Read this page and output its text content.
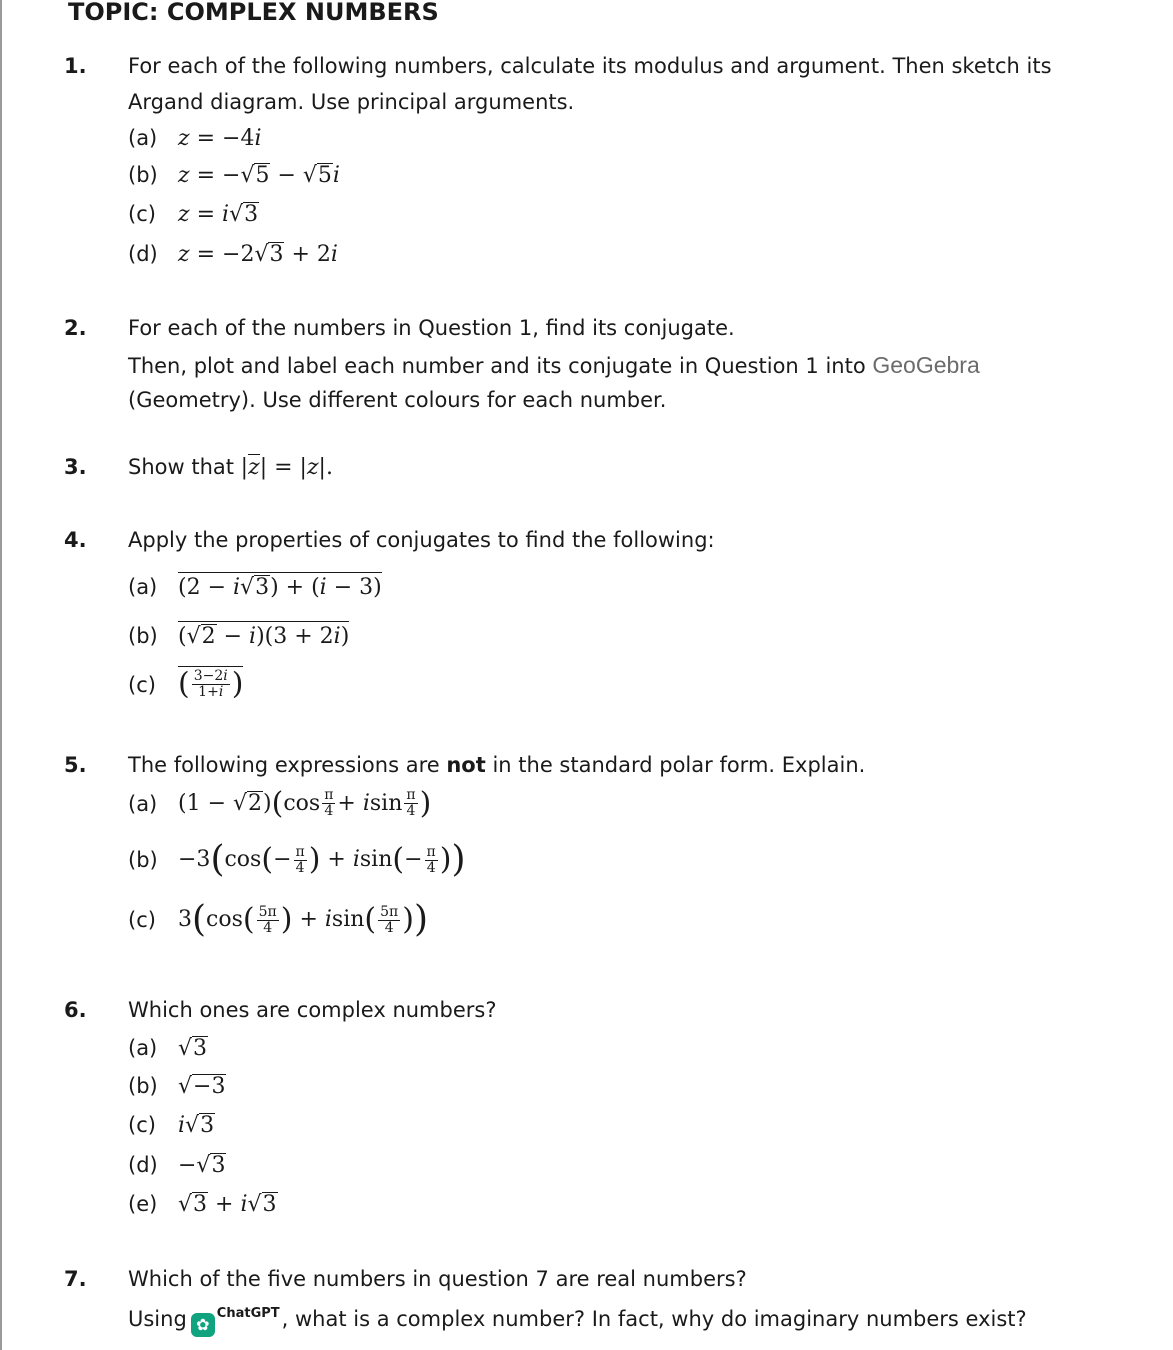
TOPIC: COMPLEX NUMBERS
1. For each of the following numbers, calculate its modulus and argument. Then sketch its
Argand diagram. Use principal arguments.
(a) z = −4i
(b) z = −√5 − √5i
(c) z = i√3
(d) z = −2√3 + 2i
2. For each of the numbers in Question 1, find its conjugate.
Then, plot and label each number and its conjugate in Question 1 into GeoGebra
(Geometry). Use different colours for each number.
3. Show that |z| = |z|.
4. Apply the properties of conjugates to find the following:
(a) (2 − i√3) + (i − 3)
(b) (√2 − i)(3 + 2i)
(c) ( $\frac{3-2i}{1+i}$ )
5. The following expressions are not in the standard polar form. Explain.
(a) $(1 - √2)(\cos \frac{\pi}{4} + isin \frac{\pi}{4}$ )
$(b) -3(\cos(- \frac{\pi}{4}$ ) + $isin(- \frac{\pi}{4}$ ))
(c) $3(\cos( \frac{5\pi}{4}$ ) + $isin( \frac{5\pi}{4}$ ))
6. Which ones are complex numbers?
(a) √3
(b) √−3
(c) i√3
(d) −√3
(e) √3 + i√3
7. Which of the five numbers in question 7 are real numbers?
Using ✿$^{ChatGPT}$, what is a complex number? In fact, why do imaginary numbers exist?
